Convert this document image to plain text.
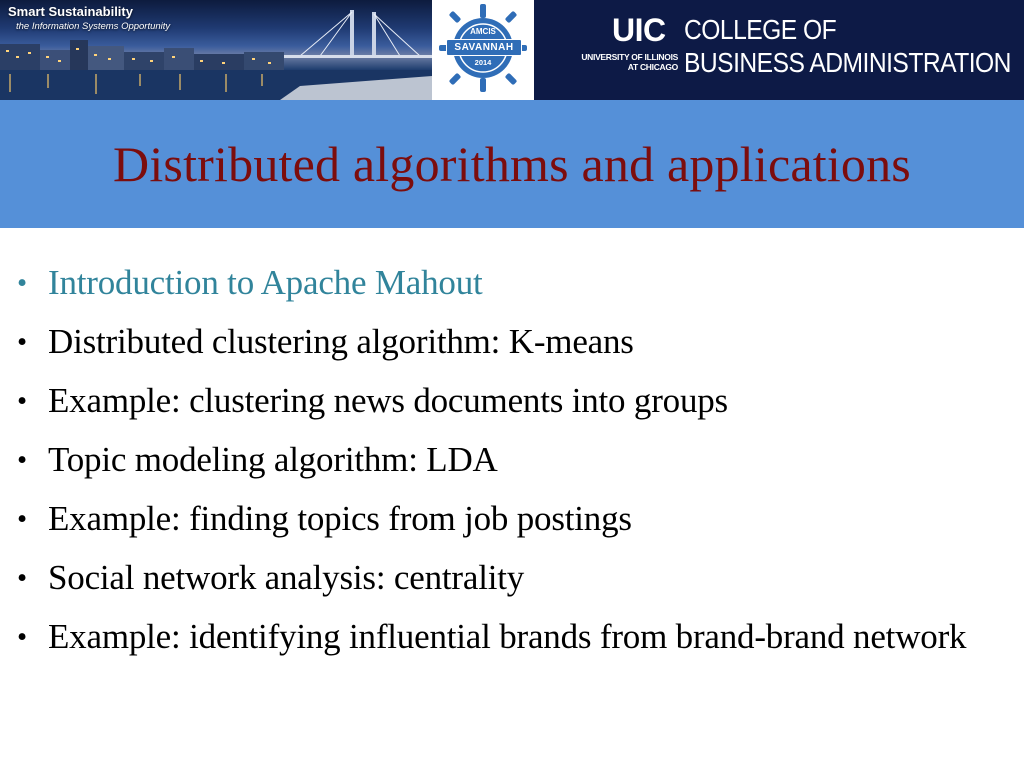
Smart Sustainability
the Information Systems Opportunity	AMCIS
SAVANNAH
2014
UIC
UNIVERSITY OF ILLINOIS
AT CHICAGO
COLLEGE OF
BUSINESS ADMINISTRATION
Distributed algorithms and applications
• Introduction to Apache Mahout
• Distributed clustering algorithm: K-means
• Example: clustering news documents into groups
• Topic modeling algorithm: LDA
• Example: finding topics from job postings
• Social network analysis: centrality
• Example: identifying influential brands from brand-brand network
